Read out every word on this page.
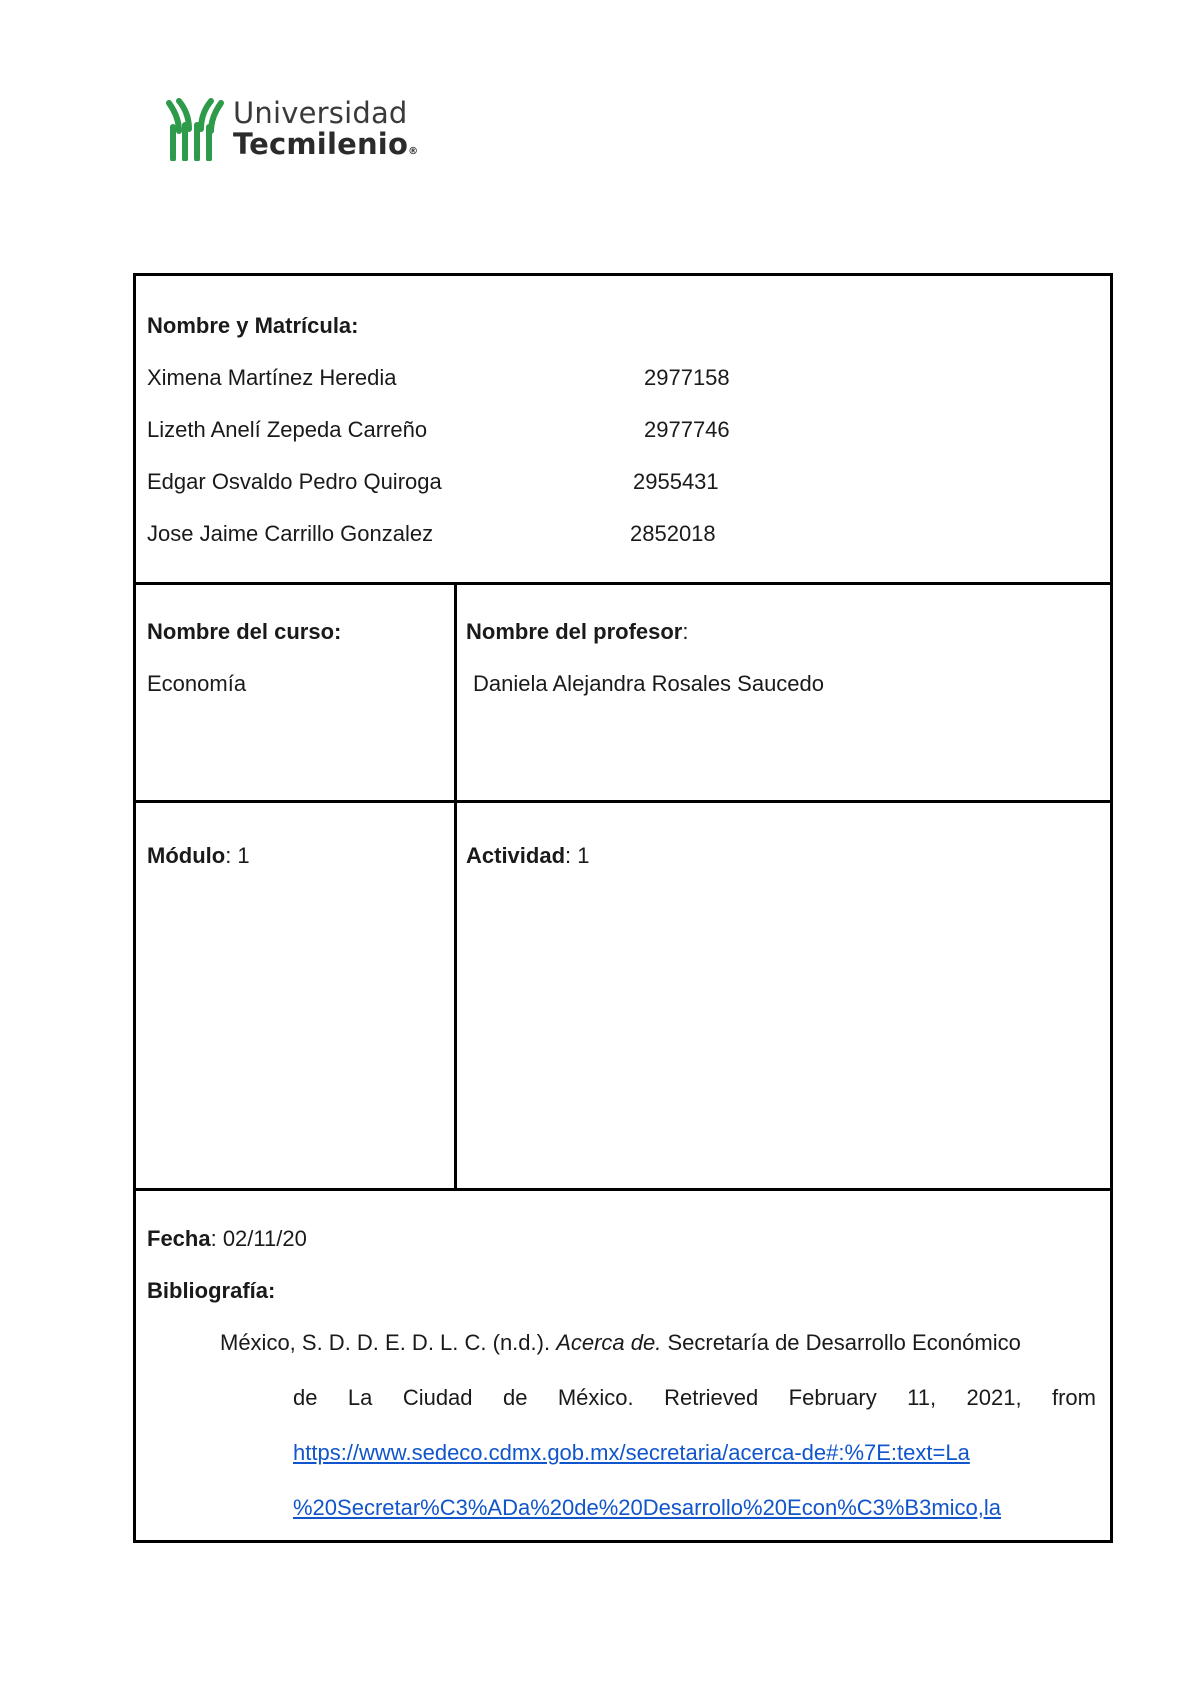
Universidad
Tecmilenio®
Nombre y Matrícula:
Ximena Martínez Heredia	2977158
Lizeth Anelí Zepeda Carreño	2977746
Edgar Osvaldo Pedro Quiroga	2955431
Jose Jaime Carrillo Gonzalez	2852018
Nombre del curso:
Economía
Nombre del profesor:
Daniela Alejandra Rosales Saucedo
Módulo: 1	Actividad: 1
Fecha: 02/11/20
Bibliografía:
México, S. D. D. E. D. L. C. (n.d.). Acerca de. Secretaría de Desarrollo Económico
de La Ciudad de México. Retrieved February 11, 2021, from
https://www.sedeco.cdmx.gob.mx/secretaria/acerca-de#:%7E:text=La
%20Secretar%C3%ADa%20de%20Desarrollo%20Econ%C3%B3mico,la
